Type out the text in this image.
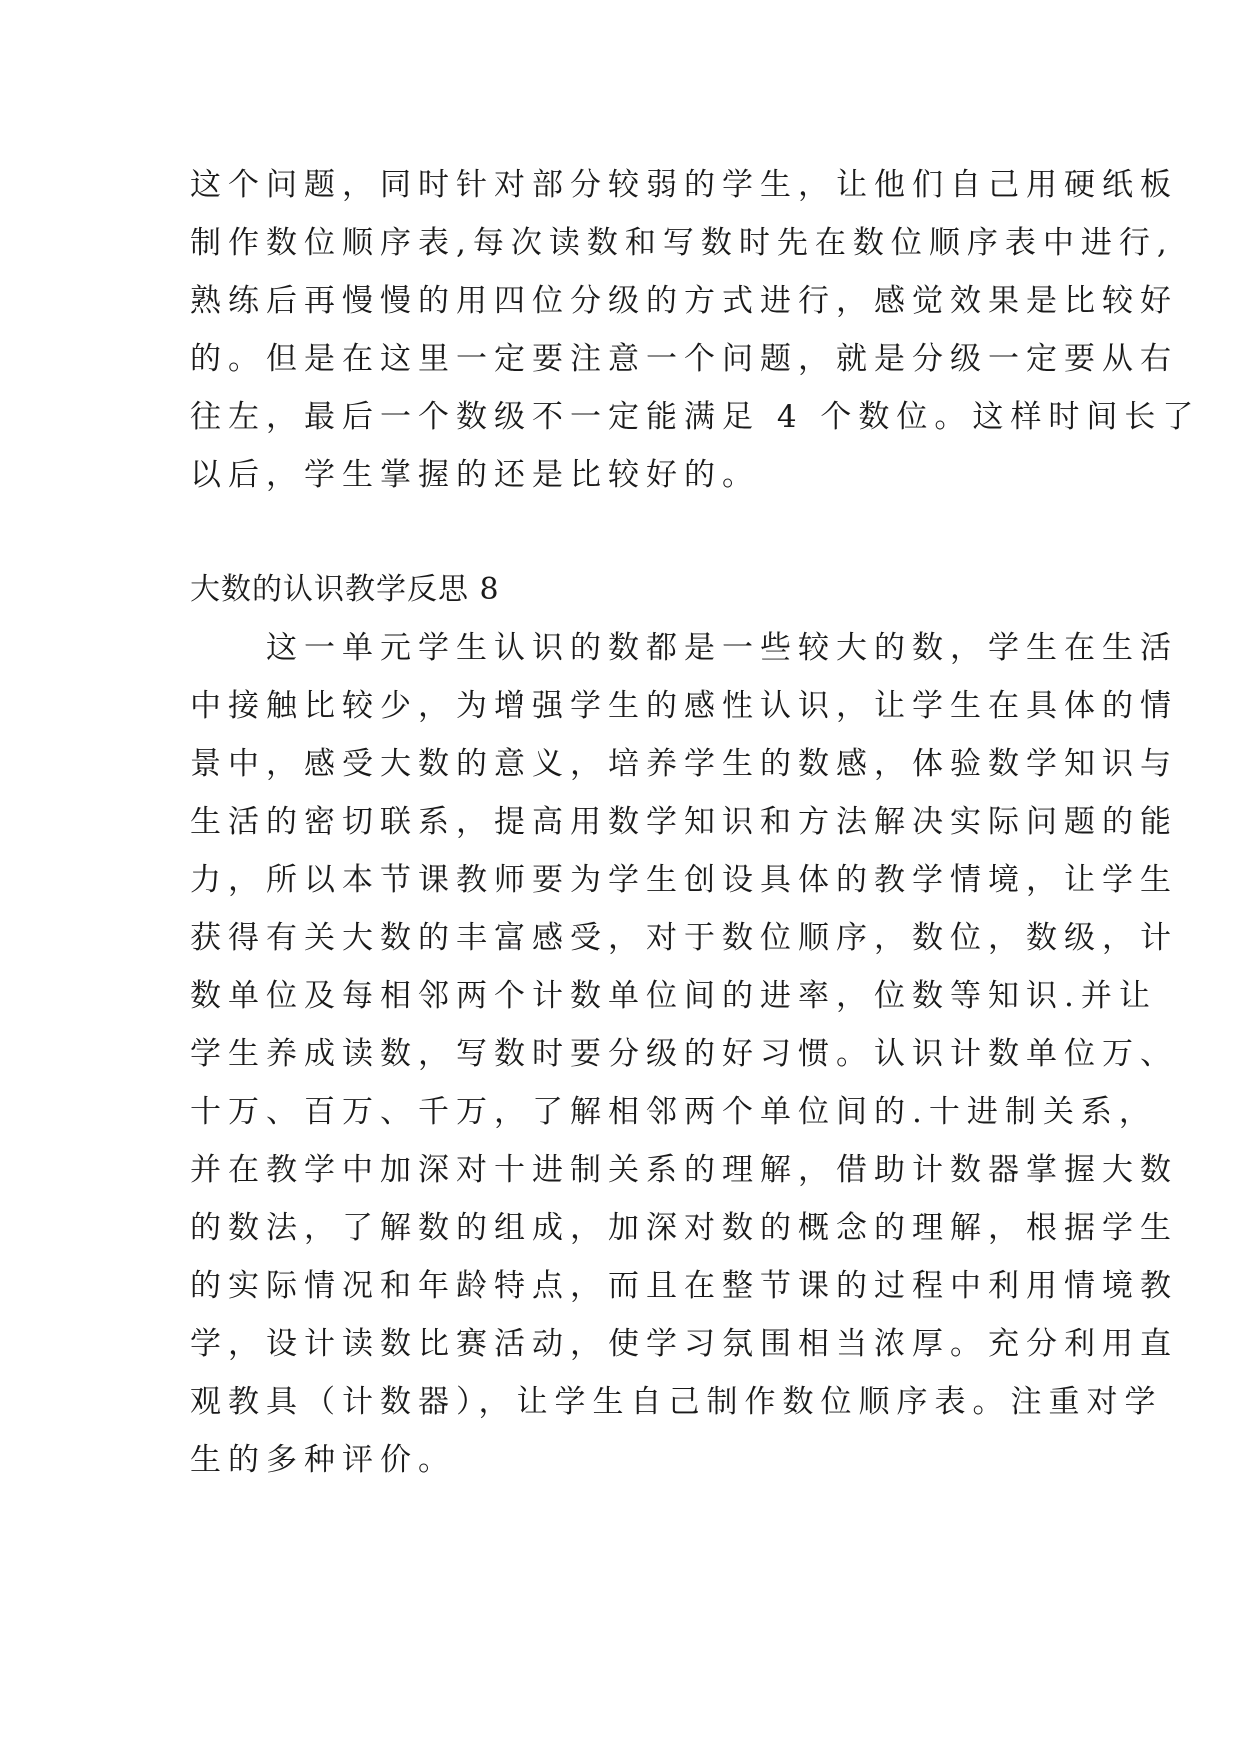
这个问题，同时针对部分较弱的学生，让他们自己用硬纸板
制作数位顺序表,每次读数和写数时先在数位顺序表中进行,
熟练后再慢慢的用四位分级的方式进行，感觉效果是比较好
的。但是在这里一定要注意一个问题，就是分级一定要从右
往左，最后一个数级不一定能满足 4 个数位。这样时间长了
以后，学生掌握的还是比较好的。
大数的认识教学反思 8
　　这一单元学生认识的数都是一些较大的数，学生在生活
中接触比较少，为增强学生的感性认识，让学生在具体的情
景中，感受大数的意义，培养学生的数感，体验数学知识与
生活的密切联系，提高用数学知识和方法解决实际问题的能
力，所以本节课教师要为学生创设具体的教学情境，让学生
获得有关大数的丰富感受，对于数位顺序，数位，数级，计
数单位及每相邻两个计数单位间的进率，位数等知识.并让
学生养成读数，写数时要分级的好习惯。认识计数单位万、
十万、百万、千万，了解相邻两个单位间的.十进制关系，
并在教学中加深对十进制关系的理解，借助计数器掌握大数
的数法，了解数的组成，加深对数的概念的理解，根据学生
的实际情况和年龄特点，而且在整节课的过程中利用情境教
学，设计读数比赛活动，使学习氛围相当浓厚。充分利用直
观教具（计数器），让学生自己制作数位顺序表。注重对学
生的多种评价。
